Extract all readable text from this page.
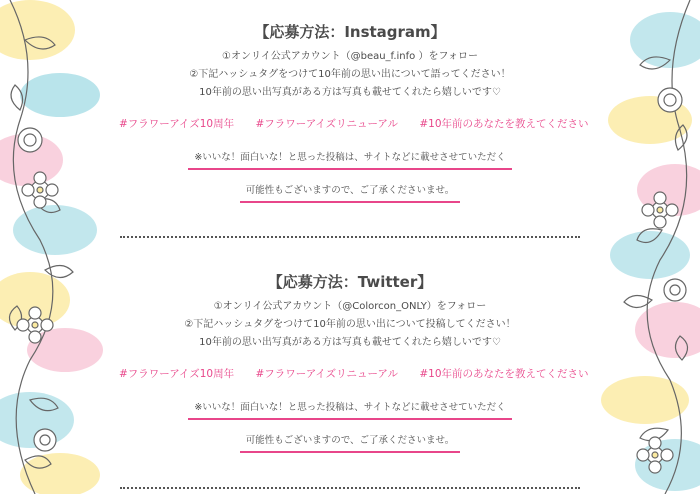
【応募方法：Instagram】

①オンリイ公式アカウント（@beau_f.info ）をフォロー

②下記ハッシュタグをつけて10年前の思い出について語ってください！

10年前の思い出写真がある方は写真も載せてくれたら嬉しいです♡

#フラワーアイズ10周年 #フラワーアイズリニューアル #10年前のあなたを教えてください

※いいな！面白いな！と思った投稿は、サイトなどに載せさせていただく

可能性もございますので、ご了承くださいませ。

【応募方法：Twitter】

①オンリイ公式アカウント（@Colorcon_ONLY）をフォロー

②下記ハッシュタグをつけて10年前の思い出について投稿してください！

10年前の思い出写真がある方は写真も載せてくれたら嬉しいです♡

#フラワーアイズ10周年 #フラワーアイズリニューアル #10年前のあなたを教えてください

※いいな！面白いな！と思った投稿は、サイトなどに載せさせていただく

可能性もございますので、ご了承くださいませ。
